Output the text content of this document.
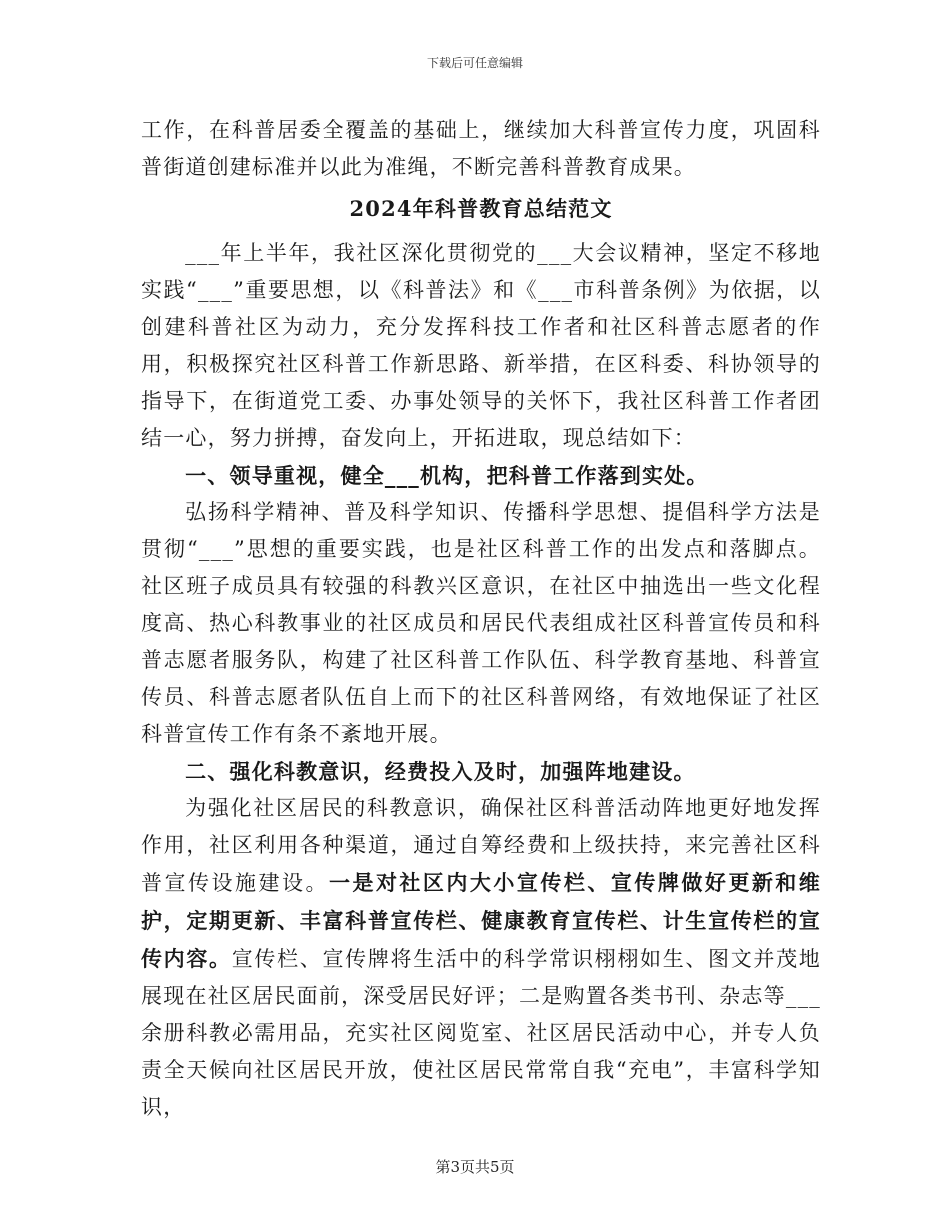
下载后可任意编辑

工作，在科普居委全覆盖的基础上，继续加大科普宣传力度，巩固科普街道创建标准并以此为准绳，不断完善科普教育成果。

2024年科普教育总结范文

___年上半年，我社区深化贯彻党的___大会议精神，坚定不移地实践“___”重要思想，以《科普法》和《___市科普条例》为依据，以创建科普社区为动力，充分发挥科技工作者和社区科普志愿者的作用，积极探究社区科普工作新思路、新举措，在区科委、科协领导的指导下，在街道党工委、办事处领导的关怀下，我社区科普工作者团结一心，努力拼搏，奋发向上，开拓进取，现总结如下：

一、领导重视，健全___机构，把科普工作落到实处。

弘扬科学精神、普及科学知识、传播科学思想、提倡科学方法是贯彻“___”思想的重要实践，也是社区科普工作的出发点和落脚点。社区班子成员具有较强的科教兴区意识，在社区中抽选出一些文化程度高、热心科教事业的社区成员和居民代表组成社区科普宣传员和科普志愿者服务队，构建了社区科普工作队伍、科学教育基地、科普宣传员、科普志愿者队伍自上而下的社区科普网络，有效地保证了社区科普宣传工作有条不紊地开展。

二、强化科教意识，经费投入及时，加强阵地建设。

为强化社区居民的科教意识，确保社区科普活动阵地更好地发挥作用，社区利用各种渠道，通过自筹经费和上级扶持，来完善社区科普宣传设施建设。一是对社区内大小宣传栏、宣传牌做好更新和维护，定期更新、丰富科普宣传栏、健康教育宣传栏、计生宣传栏的宣传内容。宣传栏、宣传牌将生活中的科学常识栩栩如生、图文并茂地展现在社区居民面前，深受居民好评；二是购置各类书刊、杂志等___余册科教必需用品，充实社区阅览室、社区居民活动中心，并专人负责全天候向社区居民开放，使社区居民常常自我“充电”，丰富科学知识，

第3页共5页
